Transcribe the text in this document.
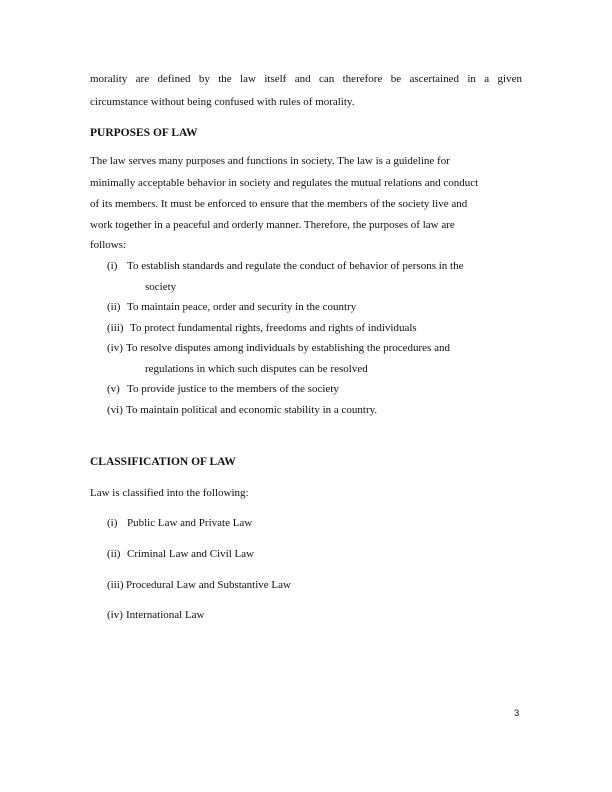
morality are defined by the law itself and can therefore be ascertained in a given

circumstance without being confused with rules of morality.

PURPOSES OF LAW

The law serves many purposes and functions in society. The law is a guideline for

minimally acceptable behavior in society and regulates the mutual relations and conduct

of its members. It must be enforced to ensure that the members of the society live and

work together in a peaceful and orderly manner. Therefore, the purposes of law are

follows:

(i) To establish standards and regulate the conduct of behavior of persons in the
society
(ii) To maintain peace, order and security in the country
(iii) To protect fundamental rights, freedoms and rights of individuals
(iv) To resolve disputes among individuals by establishing the procedures and
regulations in which such disputes can be resolved
(v) To provide justice to the members of the society
(vi) To maintain political and economic stability in a country.
CLASSIFICATION OF LAW

Law is classified into the following:

(i) Public Law and Private Law
(ii) Criminal Law and Civil Law
(iii) Procedural Law and Substantive Law
(iv) International Law
3
